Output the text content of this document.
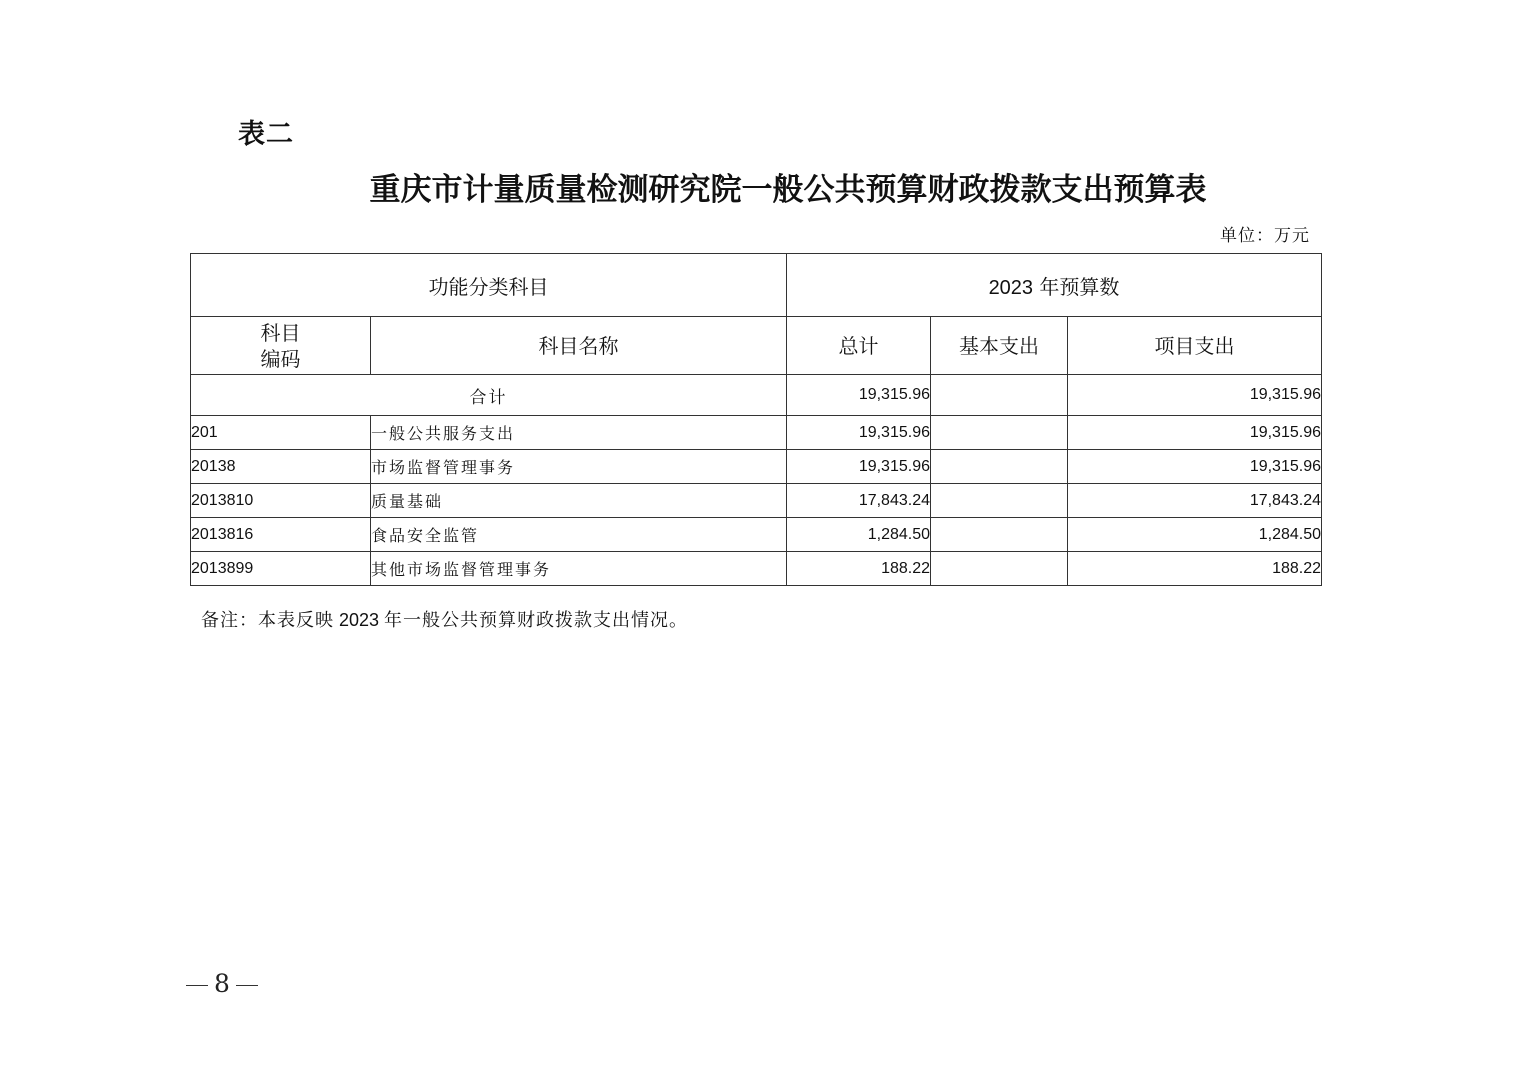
表二
重庆市计量质量检测研究院一般公共预算财政拨款支出预算表
单位：万元
功能分类科目		2023 年预算数		
科目
编码	科目名称	总计	基本支出	项目支出
合计		19,315.96		19,315.96
201	一般公共服务支出	19,315.96		19,315.96
20138	市场监督管理事务	19,315.96		19,315.96
2013810	质量基础	17,843.24		17,843.24
2013816	食品安全监管	1,284.50		1,284.50
2013899	其他市场监督管理事务	188.22		188.22
备注：本表反映 2023 年一般公共预算财政拨款支出情况。
8
